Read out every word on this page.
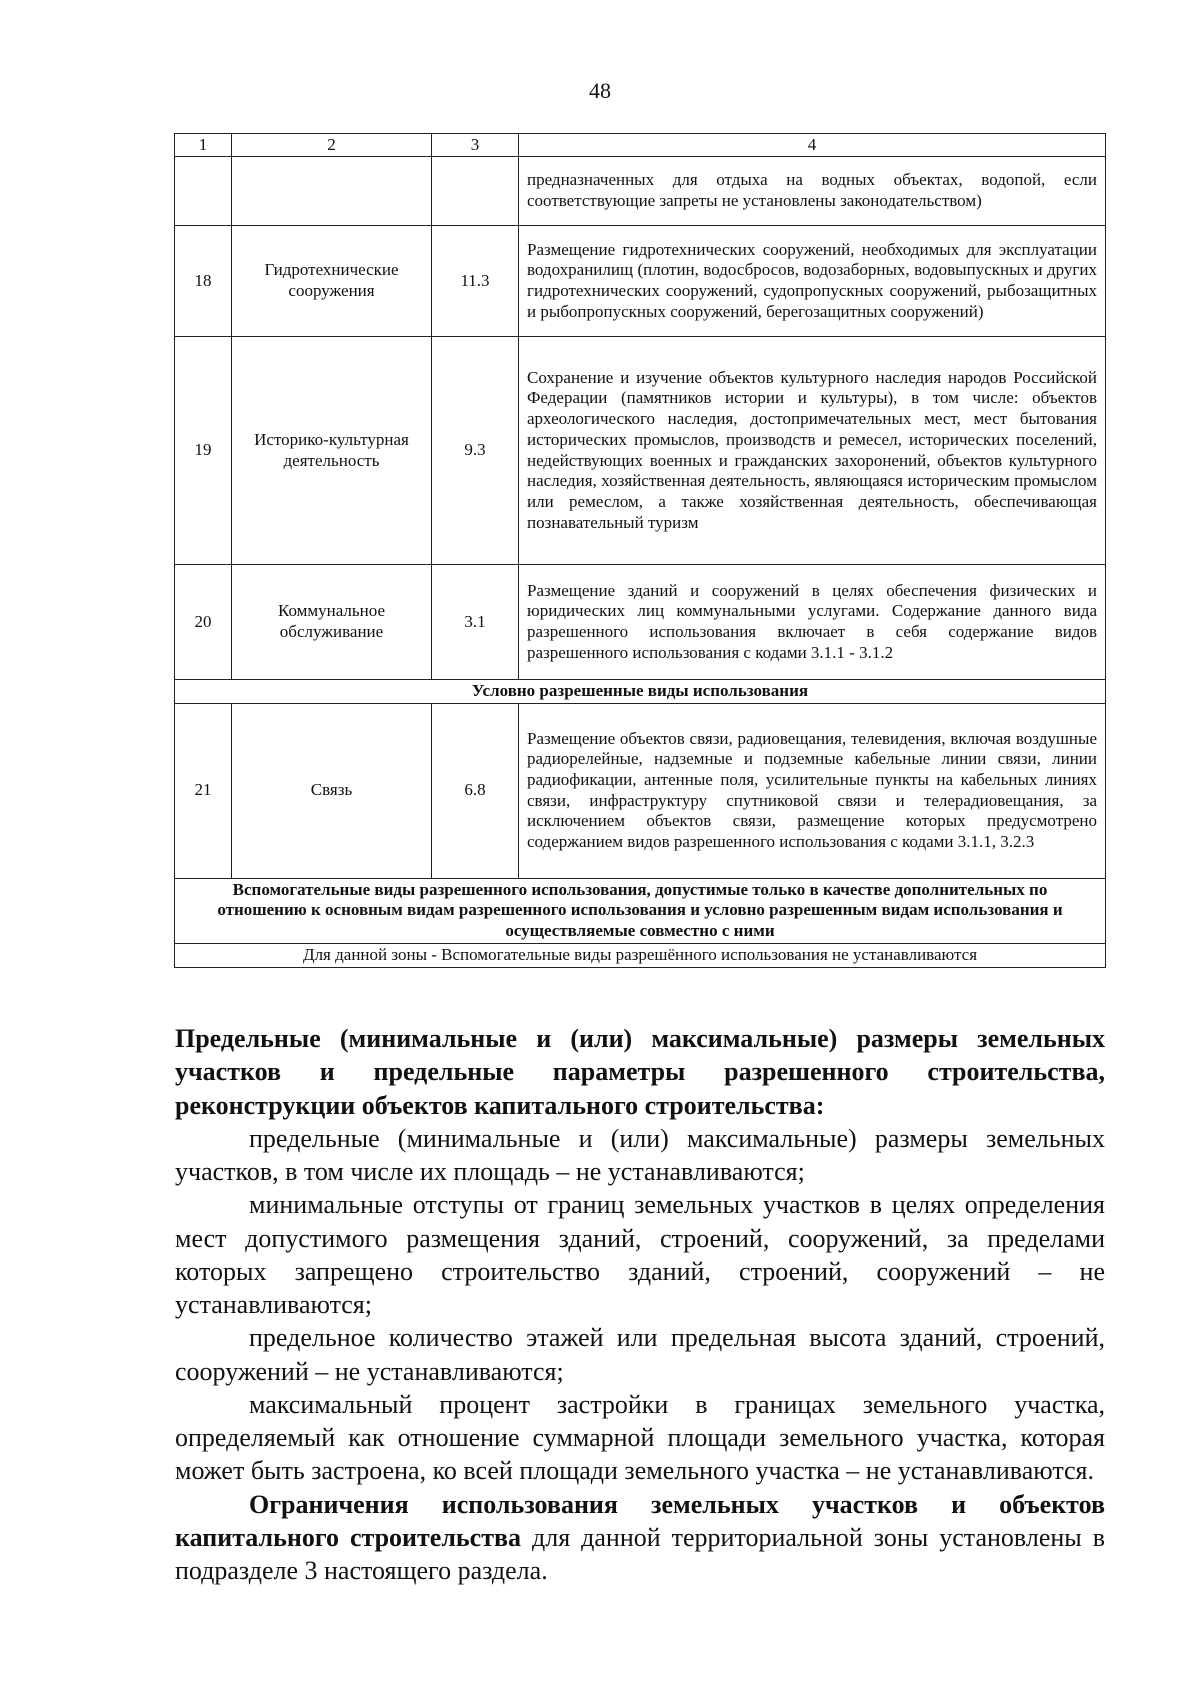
48
1	2	3	4
			предназначенных для отдыха на водных объектах, водопой, если соответствующие запреты не установлены законодательством)
18	Гидротехнические сооружения	11.3	Размещение гидротехнических сооружений, необходимых для эксплуатации водохранилищ (плотин, водосбросов, водозаборных, водовыпускных и других гидротехнических сооружений, судопропускных сооружений, рыбозащитных и рыбопропускных сооружений, берегозащитных сооружений)
19	Историко-культурная деятельность	9.3	Сохранение и изучение объектов культурного наследия народов Российской Федерации (памятников истории и культуры), в том числе: объектов археологического наследия, достопримечательных мест, мест бытования исторических промыслов, производств и ремесел, исторических поселений, недействующих военных и гражданских захоронений, объектов культурного наследия, хозяйственная деятельность, являющаяся историческим промыслом или ремеслом, а также хозяйственная деятельность, обеспечивающая познавательный туризм
20	Коммунальное обслуживание	3.1	Размещение зданий и сооружений в целях обеспечения физических и юридических лиц коммунальными услугами. Содержание данного вида разрешенного использования включает в себя содержание видов разрешенного использования с кодами 3.1.1 - 3.1.2
Условно разрешенные виды использования			
21	Связь	6.8	Размещение объектов связи, радиовещания, телевидения, включая воздушные радиорелейные, надземные и подземные кабельные линии связи, линии радиофикации, антенные поля, усилительные пункты на кабельных линиях связи, инфраструктуру спутниковой связи и телерадиовещания, за исключением объектов связи, размещение которых предусмотрено содержанием видов разрешенного использования с кодами 3.1.1, 3.2.3
Вспомогательные виды разрешенного использования, допустимые только в качестве дополнительных по отношению к основным видам разрешенного использования и условно разрешенным видам использования и осуществляемые совместно с ними			
Для данной зоны - Вспомогательные виды разрешённого использования не устанавливаются			

Предельные (минимальные и (или) максимальные) размеры земельных участков и предельные параметры разрешенного строительства, реконструкции объектов капитального строительства:

предельные (минимальные и (или) максимальные) размеры земельных участков, в том числе их площадь – не устанавливаются;

минимальные отступы от границ земельных участков в целях определения мест допустимого размещения зданий, строений, сооружений, за пределами которых запрещено строительство зданий, строений, сооружений – не устанавливаются;

предельное количество этажей или предельная высота зданий, строений, сооружений – не устанавливаются;

максимальный процент застройки в границах земельного участка, определяемый как отношение суммарной площади земельного участка, которая может быть застроена, ко всей площади земельного участка – не устанавливаются.

Ограничения использования земельных участков и объектов капитального строительства для данной территориальной зоны установлены в подразделе 3 настоящего раздела.
